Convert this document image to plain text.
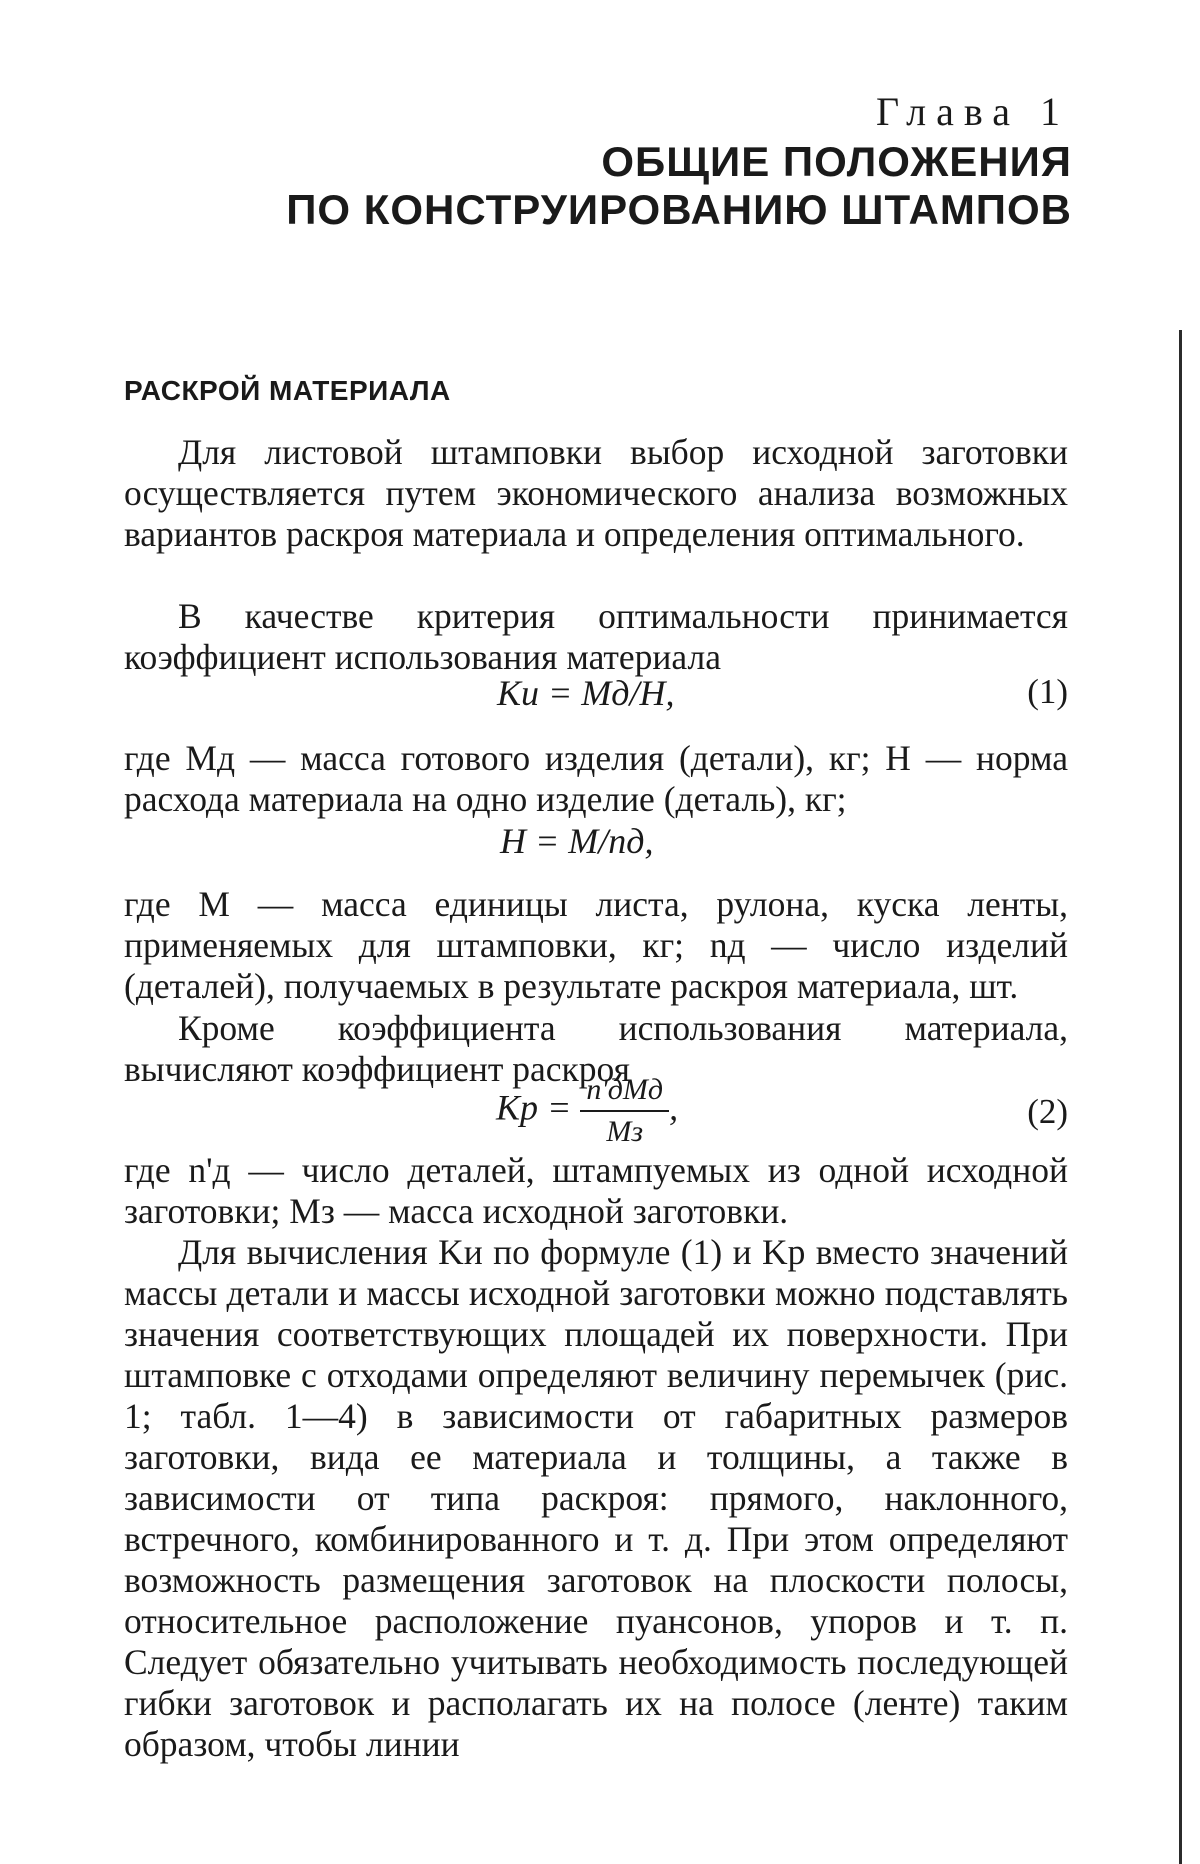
Глава 1
ОБЩИЕ ПОЛОЖЕНИЯ
ПО КОНСТРУИРОВАНИЮ ШТАМПОВ
РАСКРОЙ МАТЕРИАЛА
Для листовой штамповки выбор исходной заготовки осуществляется путем экономического анализа возможных вариантов раскроя материала и определения оптимального.
В качестве критерия оптимальности принимается коэффициент использования материала
Kи = Mд/H,	(1)
где Mд — масса готового изделия (детали), кг; H — норма расхода материала на одно изделие (деталь), кг;
H = M/nд,
где M — масса единицы листа, рулона, куска ленты, применяемых для штамповки, кг; nд — число изделий (деталей), получаемых в результате раскроя материала, шт.
Кроме коэффициента использования материала, вычисляют коэффициент раскроя
Kр = $\frac{\text{n'дMд}}{Mз}$ ,	(2)
где n'д — число деталей, штампуемых из одной исходной заготовки; Mз — масса исходной заготовки.
Для вычисления Kи по формуле (1) и Kр вместо значений массы детали и массы исходной заготовки можно подставлять значения соответствующих площадей их поверхности. При штамповке с отходами определяют величину перемычек (рис. 1; табл. 1—4) в зависимости от габаритных размеров заготовки, вида ее материала и толщины, а также в зависимости от типа раскроя: прямого, наклонного, встречного, комбинированного и т. д. При этом определяют возможность размещения заготовок на плоскости полосы, относительное расположение пуансонов, упоров и т. п. Следует обязательно учитывать необходимость последующей гибки заготовок и располагать их на полосе (ленте) таким образом, чтобы линии
